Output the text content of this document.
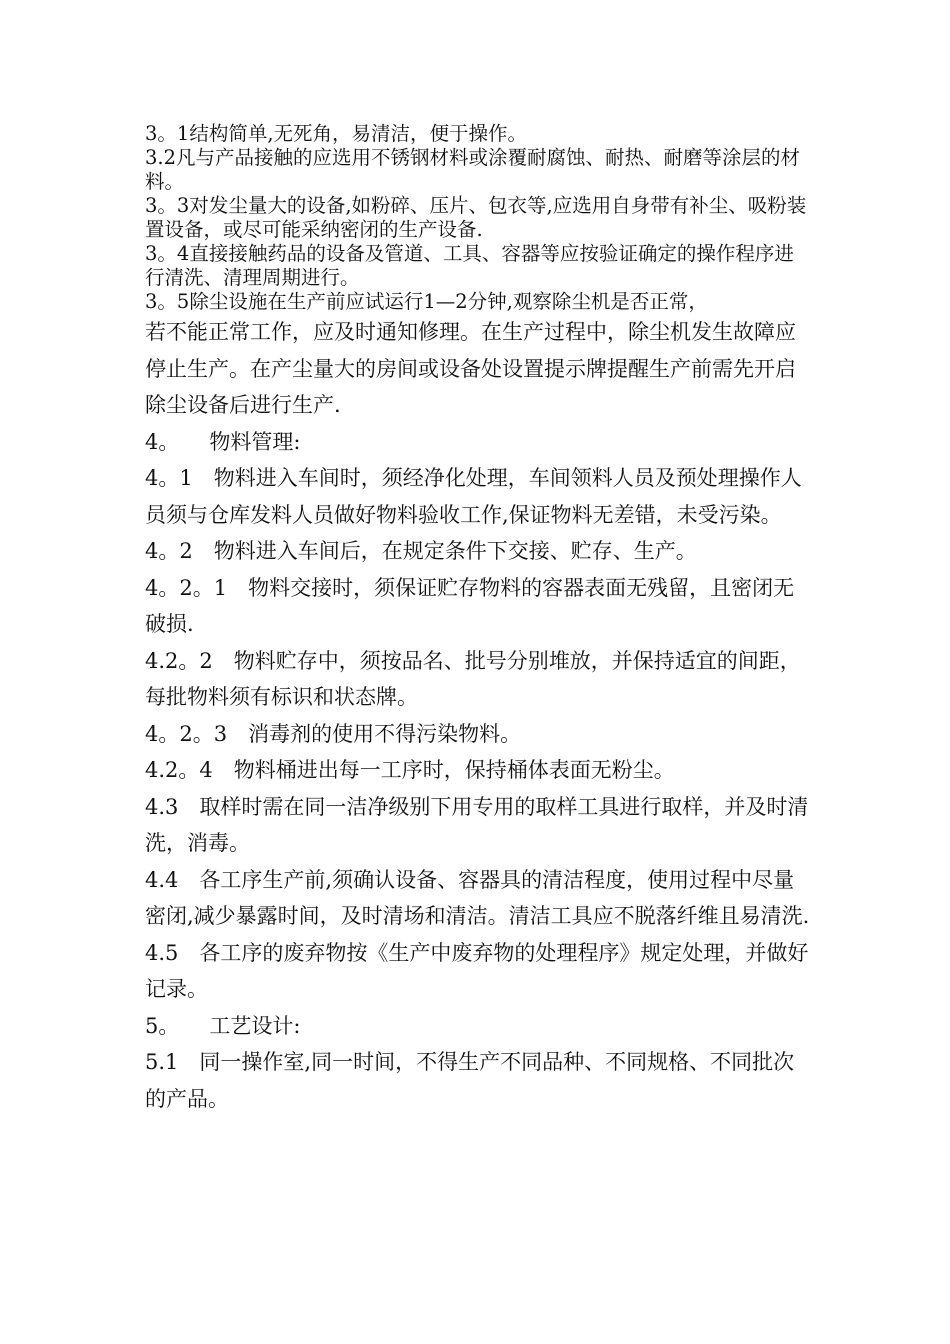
3。1结构简单,无死角，易清洁，便于操作。

3.2凡与产品接触的应选用不锈钢材料或涂覆耐腐蚀、耐热、耐磨等涂层的材料。

3。3对发尘量大的设备,如粉碎、压片、包衣等,应选用自身带有补尘、吸粉装置设备，或尽可能采纳密闭的生产设备.

3。4直接接触药品的设备及管道、工具、容器等应按验证确定的操作程序进行清洗、清理周期进行。

3。5除尘设施在生产前应试运行1—2分钟,观察除尘机是否正常，

若不能正常工作，应及时通知修理。在生产过程中，除尘机发生故障应停止生产。在产尘量大的房间或设备处设置提示牌提醒生产前需先开启除尘设备后进行生产.

4。 物料管理:

4。1 物料进入车间时，须经净化处理，车间领料人员及预处理操作人员须与仓库发料人员做好物料验收工作,保证物料无差错，未受污染。

4。2 物料进入车间后，在规定条件下交接、贮存、生产。

4。2。1 物料交接时，须保证贮存物料的容器表面无残留，且密闭无破损.

4.2。2 物料贮存中，须按品名、批号分别堆放，并保持适宜的间距，每批物料须有标识和状态牌。

4。2。3 消毒剂的使用不得污染物料。

4.2。4 物料桶进出每一工序时，保持桶体表面无粉尘。

4.3 取样时需在同一洁净级别下用专用的取样工具进行取样，并及时清洗，消毒。

4.4 各工序生产前,须确认设备、容器具的清洁程度，使用过程中尽量密闭,减少暴露时间，及时清场和清洁。清洁工具应不脱落纤维且易清洗.

4.5 各工序的废弃物按《生产中废弃物的处理程序》规定处理，并做好记录。

5。 工艺设计:

5.1 同一操作室,同一时间，不得生产不同品种、不同规格、不同批次的产品。
